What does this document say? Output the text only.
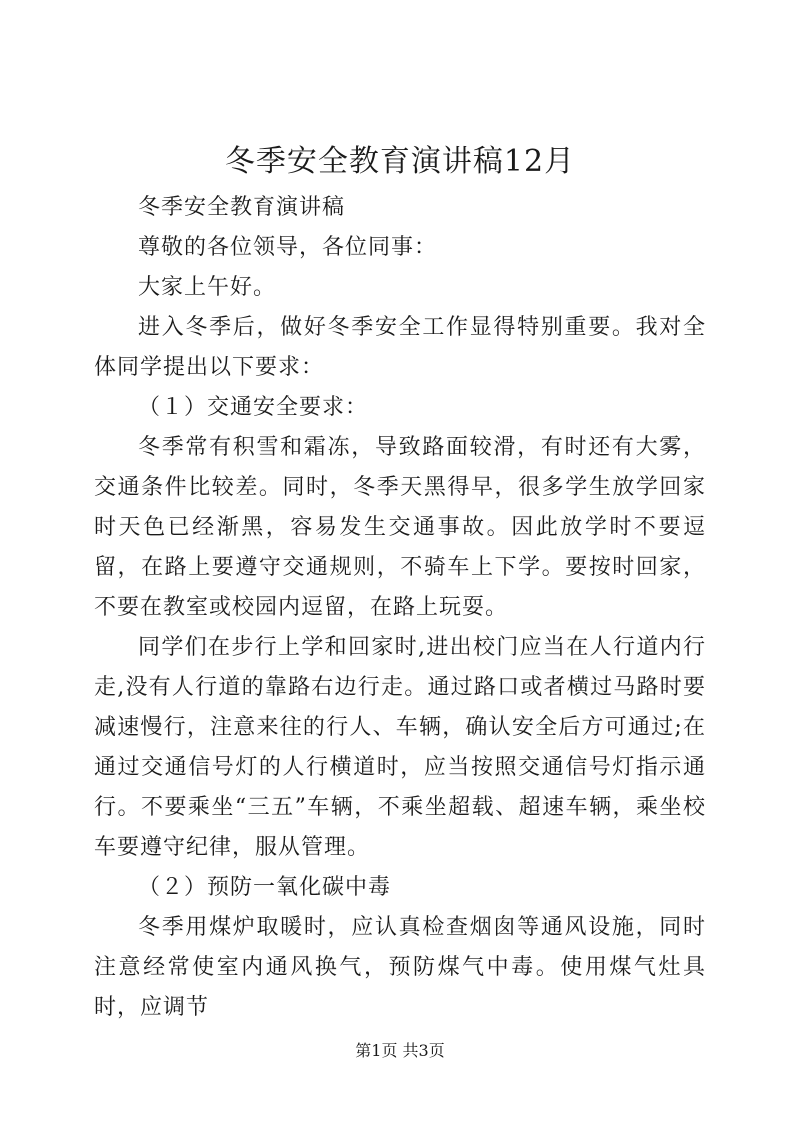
冬季安全教育演讲稿12月

冬季安全教育演讲稿

尊敬的各位领导，各位同事：

大家上午好。

进入冬季后，做好冬季安全工作显得特别重要。我对全体同学提出以下要求：

（１）交通安全要求：

冬季常有积雪和霜冻，导致路面较滑，有时还有大雾，交通条件比较差。同时，冬季天黑得早，很多学生放学回家时天色已经渐黑，容易发生交通事故。因此放学时不要逗留，在路上要遵守交通规则，不骑车上下学。要按时回家，不要在教室或校园内逗留，在路上玩耍。

同学们在步行上学和回家时,进出校门应当在人行道内行走,没有人行道的靠路右边行走。通过路口或者横过马路时要减速慢行，注意来往的行人、车辆，确认安全后方可通过;在通过交通信号灯的人行横道时，应当按照交通信号灯指示通行。不要乘坐“三五”车辆，不乘坐超载、超速车辆，乘坐校车要遵守纪律，服从管理。

（２）预防一氧化碳中毒

冬季用煤炉取暖时，应认真检查烟囱等通风设施，同时注意经常使室内通风换气，预防煤气中毒。使用煤气灶具时，应调节

第1页 共3页
